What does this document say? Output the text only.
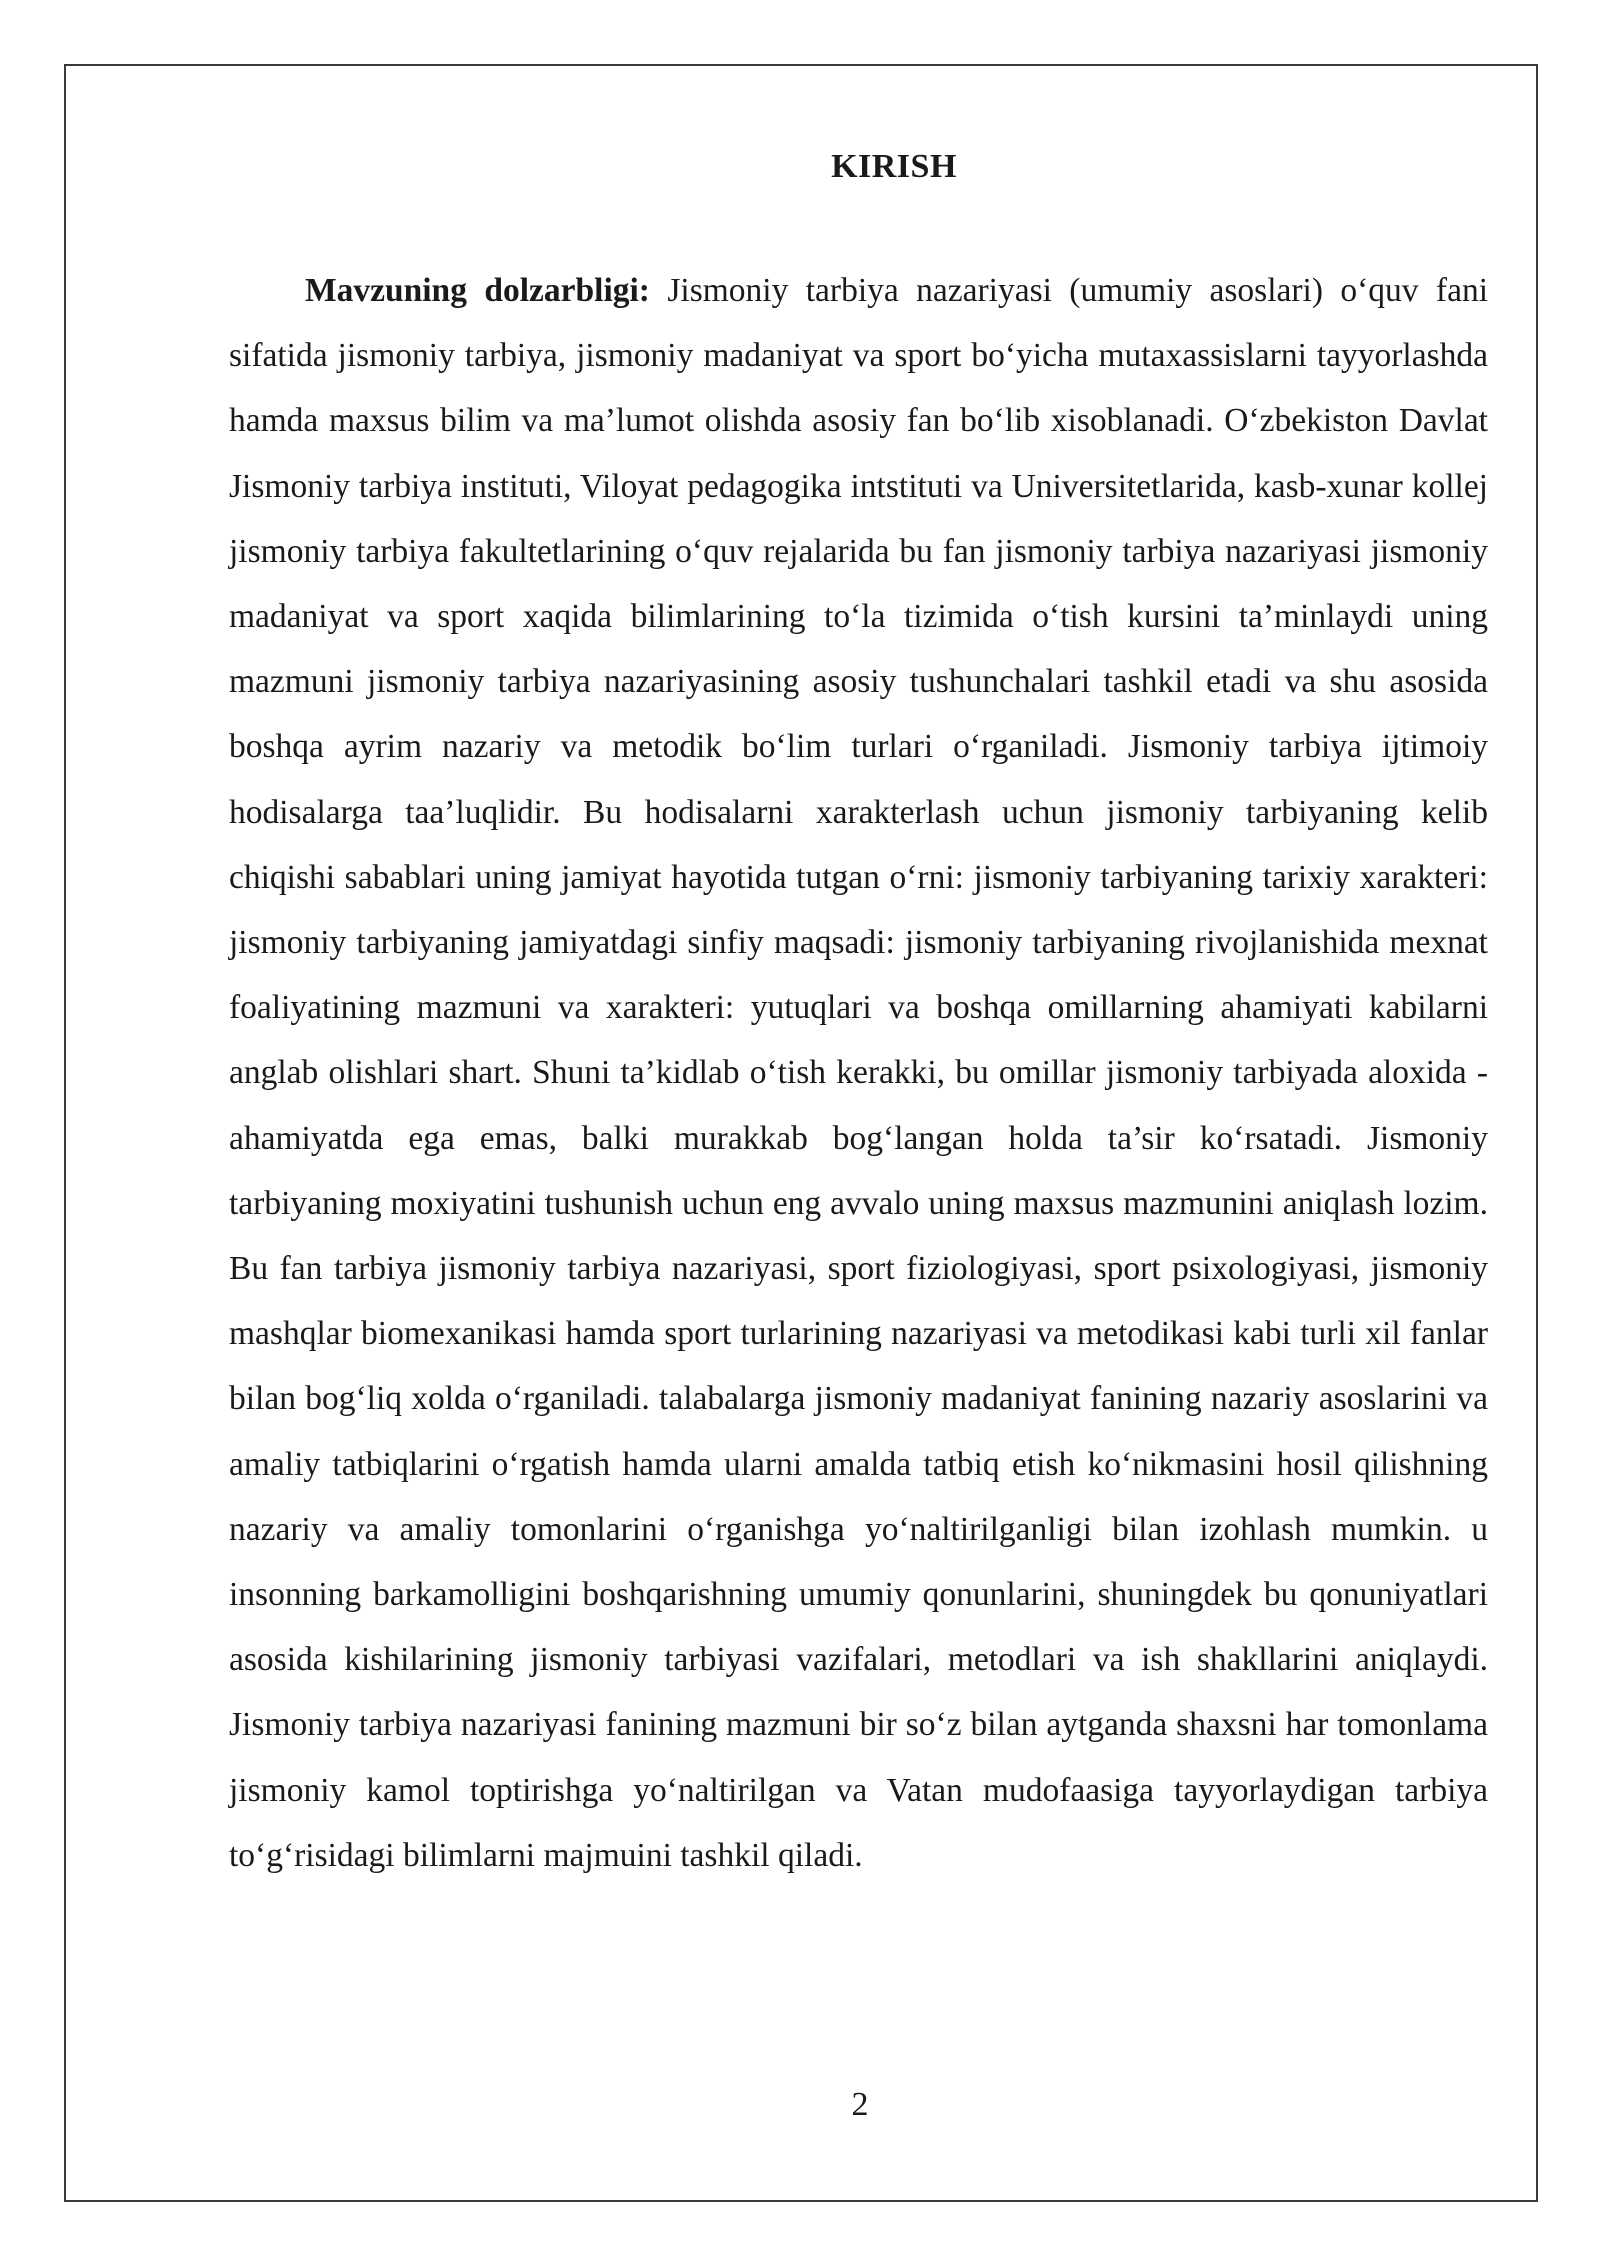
KIRISH

Mavzuning dolzarbligi: Jismoniy tarbiya nazariyasi (umumiy asoslari) o‘quv fani sifatida jismoniy tarbiya, jismoniy madaniyat va sport bo‘yicha mutaxassislarni tayyorlashda hamda maxsus bilim va ma’lumot olishda asosiy fan bo‘lib xisoblanadi. O‘zbekiston Davlat Jismoniy tarbiya instituti, Viloyat pedagogika intstituti va Universitetlarida, kasb-xunar kollej jismoniy tarbiya fakultetlarining o‘quv rejalarida bu fan jismoniy tarbiya nazariyasi jismoniy madaniyat va sport xaqida bilimlarining to‘la tizimida o‘tish kursini ta’minlaydi uning mazmuni jismoniy tarbiya nazariyasining asosiy tushunchalari tashkil etadi va shu asosida boshqa ayrim nazariy va metodik bo‘lim turlari o‘rganiladi. Jismoniy tarbiya ijtimoiy hodisalarga taa’luqlidir. Bu hodisalarni xarakterlash uchun jismoniy tarbiyaning kelib chiqishi sabablari uning jamiyat hayotida tutgan o‘rni: jismoniy tarbiyaning tarixiy xarakteri: jismoniy tarbiyaning jamiyatdagi sinfiy maqsadi: jismoniy tarbiyaning rivojlanishida mexnat foaliyatining mazmuni va xarakteri: yutuqlari va boshqa omillarning ahamiyati kabilarni anglab olishlari shart. Shuni ta’kidlab o‘tish kerakki, bu omillar jismoniy tarbiyada aloxida - ahamiyatda ega emas, balki murakkab bog‘langan holda ta’sir ko‘rsatadi. Jismoniy tarbiyaning moxiyatini tushunish uchun eng avvalo uning maxsus mazmunini aniqlash lozim. Bu fan tarbiya jismoniy tarbiya nazariyasi, sport fiziologiyasi, sport psixologiyasi, jismoniy mashqlar biomexanikasi hamda sport turlarining nazariyasi va metodikasi kabi turli xil fanlar bilan bog‘liq xolda o‘rganiladi. talabalarga jismoniy madaniyat fanining nazariy asoslarini va amaliy tatbiqlarini o‘rgatish hamda ularni amalda tatbiq etish ko‘nikmasini hosil qilishning nazariy va amaliy tomonlarini o‘rganishga yo‘naltirilganligi bilan izohlash mumkin. u insonning barkamolligini boshqarishning umumiy qonunlarini, shuningdek bu qonuniyatlari asosida kishilarining jismoniy tarbiyasi vazifalari, metodlari va ish shakllarini aniqlaydi. Jismoniy tarbiya nazariyasi fanining mazmuni bir so‘z bilan aytganda shaxsni har tomonlama jismoniy kamol toptirishga yo‘naltirilgan va Vatan mudofaasiga tayyorlaydigan tarbiya to‘g‘risidagi bilimlarni majmuini tashkil qiladi.

2
